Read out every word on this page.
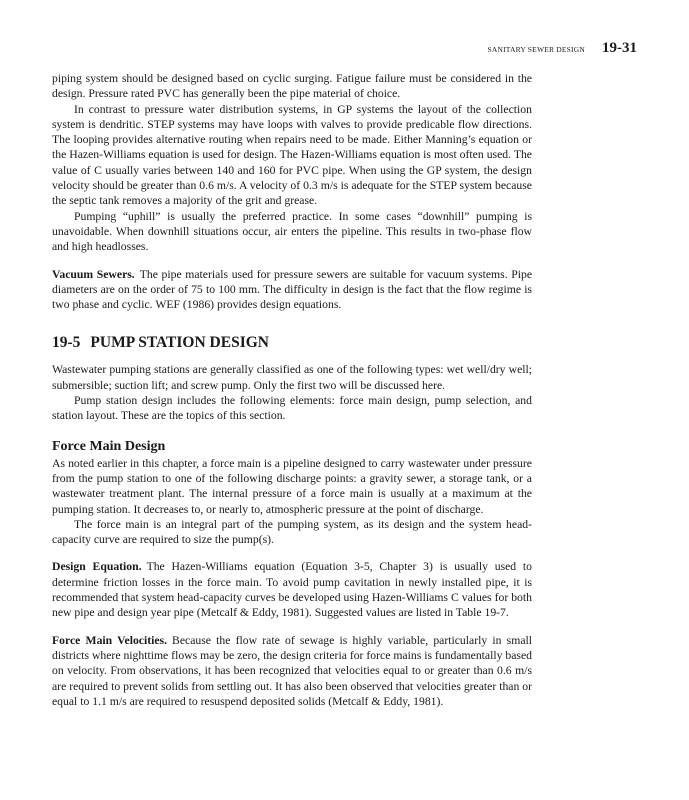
SANITARY SEWER DESIGN 19-31

piping system should be designed based on cyclic surging. Fatigue failure must be considered in the design. Pressure rated PVC has generally been the pipe material of choice.

In contrast to pressure water distribution systems, in GP systems the layout of the collection system is dendritic. STEP systems may have loops with valves to provide predicable flow directions. The looping provides alternative routing when repairs need to be made. Either Manning’s equation or the Hazen-Williams equation is used for design. The Hazen-Williams equation is most often used. The value of C usually varies between 140 and 160 for PVC pipe. When using the GP system, the design velocity should be greater than 0.6 m/s. A velocity of 0.3 m/s is adequate for the STEP system because the septic tank removes a majority of the grit and grease.

Pumping “uphill” is usually the preferred practice. In some cases “downhill” pumping is unavoidable. When downhill situations occur, air enters the pipeline. This results in two-phase flow and high headlosses.

Vacuum Sewers. The pipe materials used for pressure sewers are suitable for vacuum systems. Pipe diameters are on the order of 75 to 100 mm. The difficulty in design is the fact that the flow regime is two phase and cyclic. WEF (1986) provides design equations.

19-5 PUMP STATION DESIGN

Wastewater pumping stations are generally classified as one of the following types: wet well/dry well; submersible; suction lift; and screw pump. Only the first two will be discussed here.

Pump station design includes the following elements: force main design, pump selection, and station layout. These are the topics of this section.

Force Main Design

As noted earlier in this chapter, a force main is a pipeline designed to carry wastewater under pressure from the pump station to one of the following discharge points: a gravity sewer, a storage tank, or a wastewater treatment plant. The internal pressure of a force main is usually at a maximum at the pumping station. It decreases to, or nearly to, atmospheric pressure at the point of discharge.

The force main is an integral part of the pumping system, as its design and the system head-capacity curve are required to size the pump(s).

Design Equation. The Hazen-Williams equation (Equation 3-5, Chapter 3) is usually used to determine friction losses in the force main. To avoid pump cavitation in newly installed pipe, it is recommended that system head-capacity curves be developed using Hazen-Williams C values for both new pipe and design year pipe (Metcalf & Eddy, 1981). Suggested values are listed in Table 19-7.

Force Main Velocities. Because the flow rate of sewage is highly variable, particularly in small districts where nighttime flows may be zero, the design criteria for force mains is fundamentally based on velocity. From observations, it has been recognized that velocities equal to or greater than 0.6 m/s are required to prevent solids from settling out. It has also been observed that velocities greater than or equal to 1.1 m/s are required to resuspend deposited solids (Metcalf & Eddy, 1981).
